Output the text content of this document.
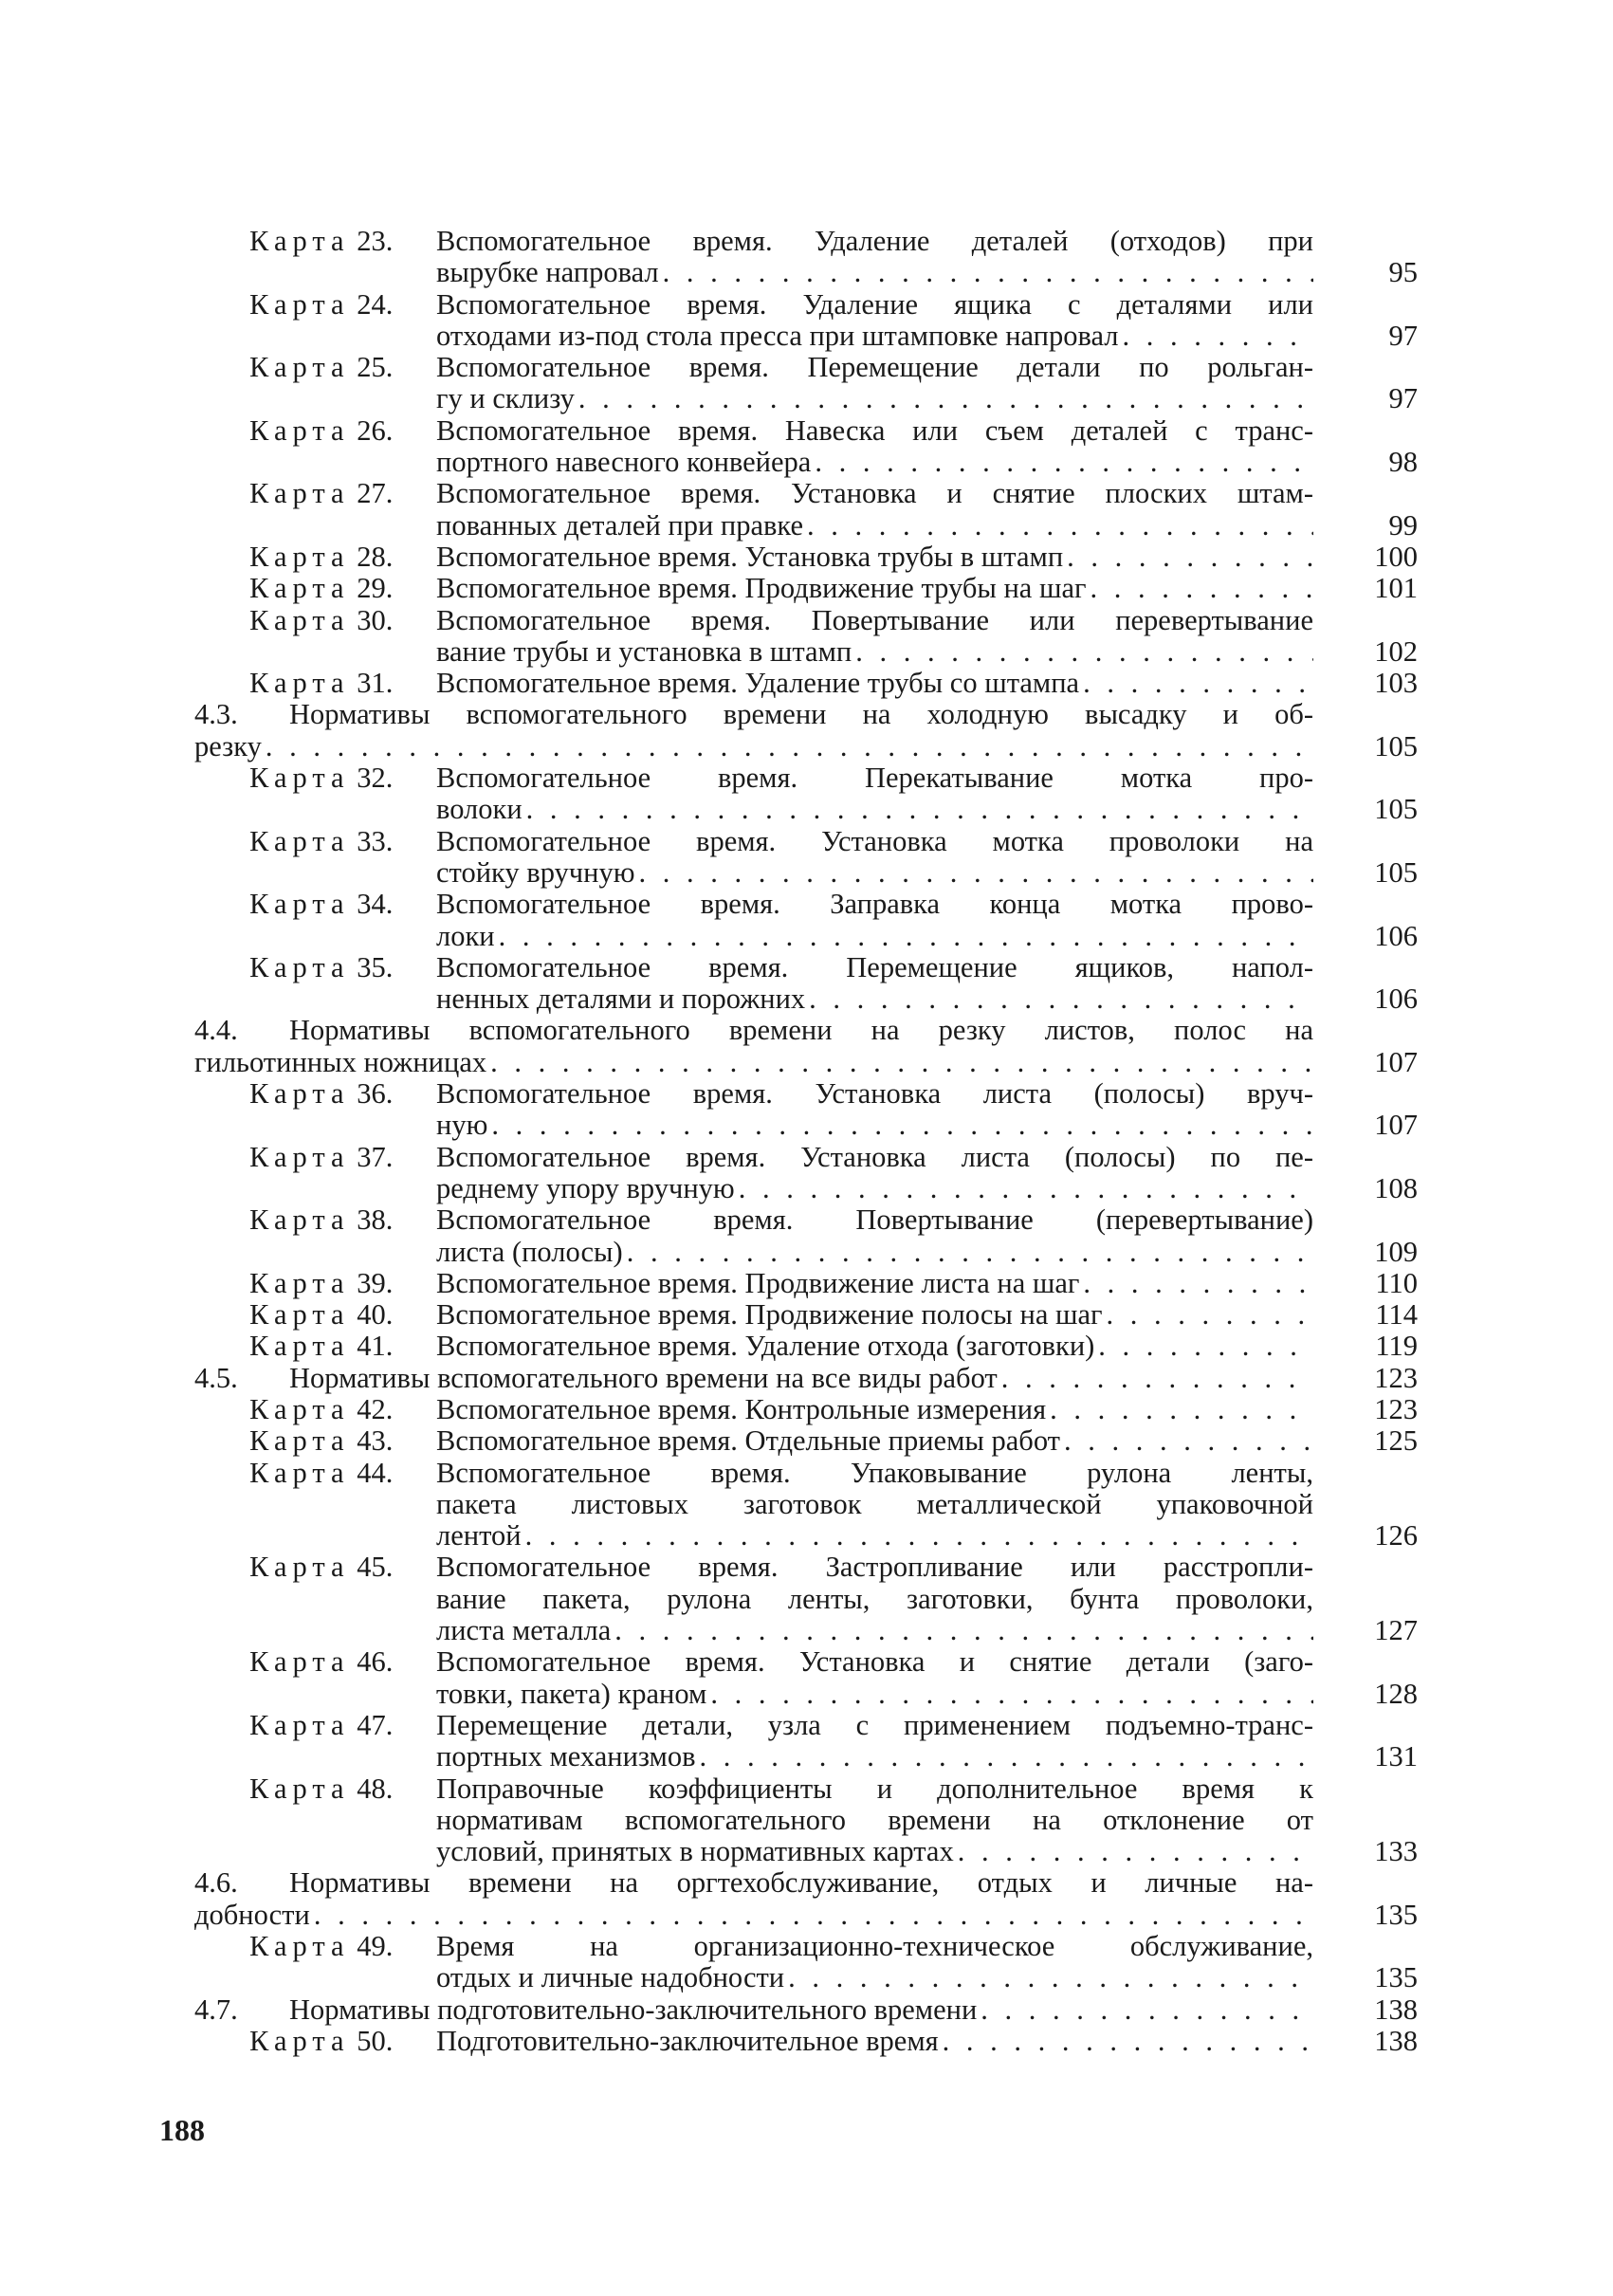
Карта 23. Вспомогательное время. Удаление деталей (отходов) при
вырубке напровал . . .	95
Карта 24. Вспомогательное время. Удаление ящика с деталями или
отходами из-под стола пресса при штамповке напровал . . .	97
Карта 25. Вспомогательное время. Перемещение детали по рольган-
гу и склизу . . .	97
Карта 26. Вспомогательное время. Навеска или съем деталей с транс-
портного навесного конвейера . . .	98
Карта 27. Вспомогательное время. Установка и снятие плоских штам-
пованных деталей при правке . . .	99
Карта 28. Вспомогательное время. Установка трубы в штамп . . .	100
Карта 29. Вспомогательное время. Продвижение трубы на шаг . . .	101
Карта 30. Вспомогательное время. Повертывание или перевертывание
вание трубы и установка в штамп . . .	102
Карта 31. Вспомогательное время. Удаление трубы со штампа . . .	103
4.3. Нормативы вспомогательного времени на холодную высадку и об-
резку . . .	105
Карта 32. Вспомогательное время. Перекатывание мотка про-
волоки . . .	105
Карта 33. Вспомогательное время. Установка мотка проволоки на
стойку вручную . . .	105
Карта 34. Вспомогательное время. Заправка конца мотка прово-
локи . . .	106
Карта 35. Вспомогательное время. Перемещение ящиков, напол-
ненных деталями и порожних . . .	106
4.4. Нормативы вспомогательного времени на резку листов, полос на
гильотинных ножницах . . .	107
Карта 36. Вспомогательное время. Установка листа (полосы) вруч-
ную . . .	107
Карта 37. Вспомогательное время. Установка листа (полосы) по пе-
реднему упору вручную . . .	108
Карта 38. Вспомогательное время. Повертывание (перевертывание)
листа (полосы) . . .	109
Карта 39. Вспомогательное время. Продвижение листа на шаг . . .	110
Карта 40. Вспомогательное время. Продвижение полосы на шаг . . .	114
Карта 41. Вспомогательное время. Удаление отхода (заготовки) . . .	119
4.5. Нормативы вспомогательного времени на все виды работ . . .	123
Карта 42. Вспомогательное время. Контрольные измерения . . .	123
Карта 43. Вспомогательное время. Отдельные приемы работ . . .	125
Карта 44. Вспомогательное время. Упаковывание рулона ленты,
пакета листовых заготовок металлической упаковочной
лентой . . .	126
Карта 45. Вспомогательное время. Застропливание или расстропли-
вание пакета, рулона ленты, заготовки, бунта проволоки,
листа металла . . .	127
Карта 46. Вспомогательное время. Установка и снятие детали (заго-
товки, пакета) краном . . .	128
Карта 47. Перемещение детали, узла с применением подъемно-транс-
портных механизмов . . .	131
Карта 48. Поправочные коэффициенты и дополнительное время к
нормативам вспомогательного времени на отклонение от
условий, принятых в нормативных картах . . .	133
4.6. Нормативы времени на оргтехобслуживание, отдых и личные на-
добности . . .	135
Карта 49. Время на организационно-техническое обслуживание,
отдых и личные надобности . . .	135
4.7. Нормативы подготовительно-заключительного времени . . .	138
Карта 50. Подготовительно-заключительное время . . .	138
188
